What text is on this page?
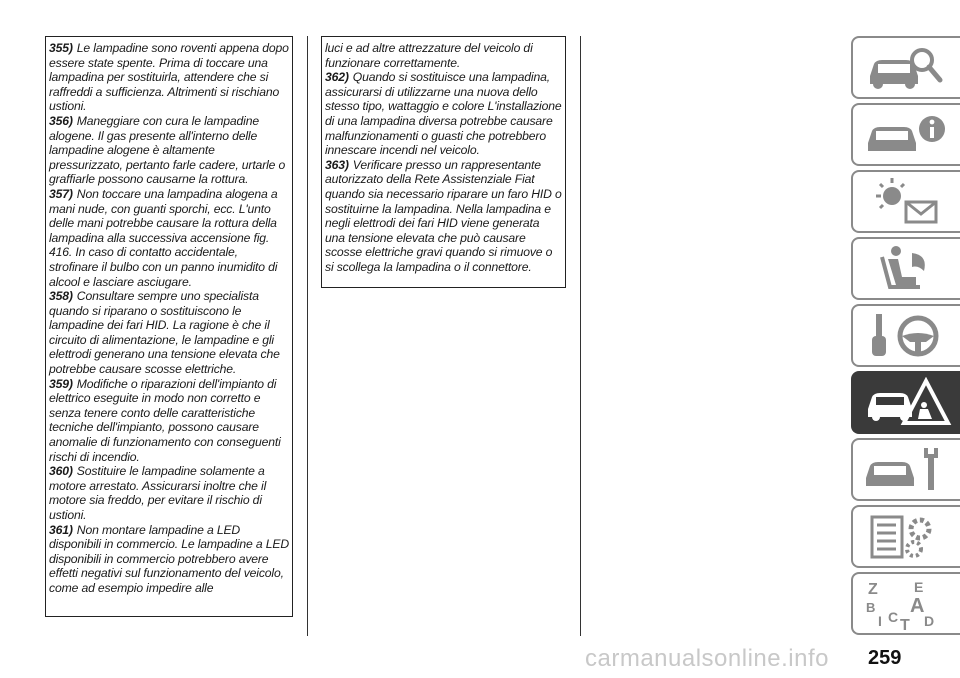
355) Le lampadine sono roventi appena dopo essere state spente. Prima di toccare una lampadina per sostituirla, attendere che si raffreddi a sufficienza. Altrimenti si rischiano ustioni.

356) Maneggiare con cura le lampadine alogene. Il gas presente all'interno delle lampadine alogene è altamente pressurizzato, pertanto farle cadere, urtarle o graffiarle possono causarne la rottura.

357) Non toccare una lampadina alogena a mani nude, con guanti sporchi, ecc. L'unto delle mani potrebbe causare la rottura della lampadina alla successiva accensione fig. 416. In caso di contatto accidentale, strofinare il bulbo con un panno inumidito di alcool e lasciare asciugare.

358) Consultare sempre uno specialista quando si riparano o sostituiscono le lampadine dei fari HID. La ragione è che il circuito di alimentazione, le lampadine e gli elettrodi generano una tensione elevata che potrebbe causare scosse elettriche.

359) Modifiche o riparazioni dell'impianto di elettrico eseguite in modo non corretto e senza tenere conto delle caratteristiche tecniche dell'impianto, possono causare anomalie di funzionamento con conseguenti rischi di incendio.

360) Sostituire le lampadine solamente a motore arrestato. Assicurarsi inoltre che il motore sia freddo, per evitare il rischio di ustioni.

361) Non montare lampadine a LED disponibili in commercio. Le lampadine a LED disponibili in commercio potrebbero avere effetti negativi sul funzionamento del veicolo, come ad esempio impedire alle

luci e ad altre attrezzature del veicolo di funzionare correttamente.

362) Quando si sostituisce una lampadina, assicurarsi di utilizzarne una nuova dello stesso tipo, wattaggio e colore L'installazione di una lampadina diversa potrebbe causare malfunzionamenti o guasti che potrebbero innescare incendi nel veicolo.

363) Verificare presso un rappresentante autorizzato della Rete Assistenziale Fiat quando sia necessario riparare un faro HID o sostituirne la lampadina. Nella lampadina e negli elettrodi dei fari HID viene generata una tensione elevata che può causare scosse elettriche gravi quando si rimuove o si scollega la lampadina o il connettore.

Z	E
B A
I C T D
carmanualsonline.info 259
